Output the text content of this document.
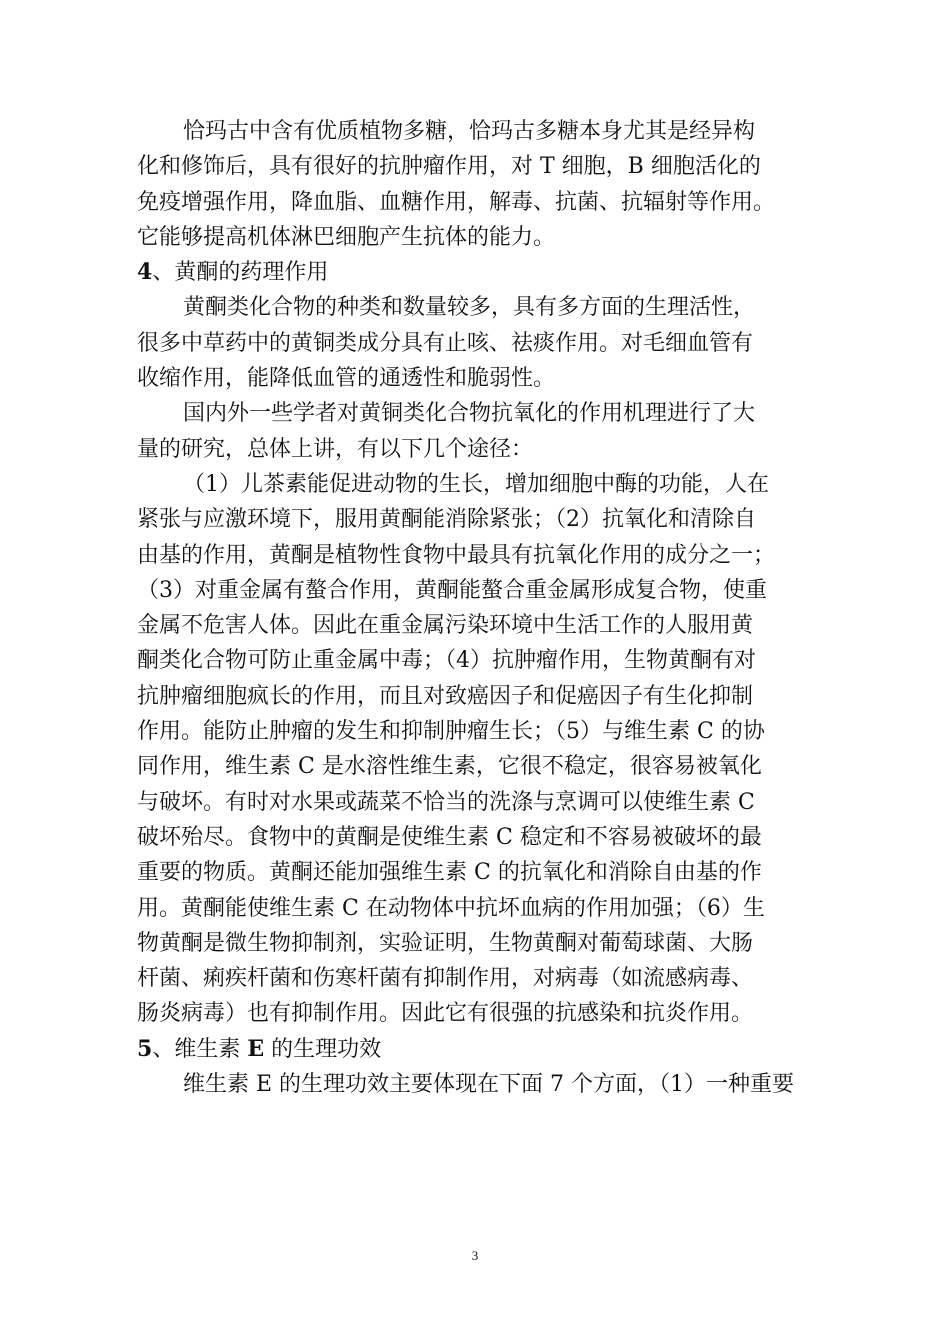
恰玛古中含有优质植物多糖，恰玛古多糖本身尤其是经异构
化和修饰后，具有很好的抗肿瘤作用，对 T 细胞，B 细胞活化的
免疫增强作用，降血脂、血糖作用，解毒、抗菌、抗辐射等作用。
它能够提高机体淋巴细胞产生抗体的能力。
4、黄酮的药理作用
黄酮类化合物的种类和数量较多，具有多方面的生理活性，
很多中草药中的黄铜类成分具有止咳、祛痰作用。对毛细血管有
收缩作用，能降低血管的通透性和脆弱性。
国内外一些学者对黄铜类化合物抗氧化的作用机理进行了大
量的研究，总体上讲，有以下几个途径：
（1）儿茶素能促进动物的生长，增加细胞中酶的功能，人在
紧张与应激环境下，服用黄酮能消除紧张；（2）抗氧化和清除自
由基的作用，黄酮是植物性食物中最具有抗氧化作用的成分之一；
（3）对重金属有螯合作用，黄酮能螯合重金属形成复合物，使重
金属不危害人体。因此在重金属污染环境中生活工作的人服用黄
酮类化合物可防止重金属中毒；（4）抗肿瘤作用，生物黄酮有对
抗肿瘤细胞疯长的作用，而且对致癌因子和促癌因子有生化抑制
作用。能防止肿瘤的发生和抑制肿瘤生长；（5）与维生素 C 的协
同作用，维生素 C 是水溶性维生素，它很不稳定，很容易被氧化
与破坏。有时对水果或蔬菜不恰当的洗涤与烹调可以使维生素 C
破坏殆尽。食物中的黄酮是使维生素 C 稳定和不容易被破坏的最
重要的物质。黄酮还能加强维生素 C 的抗氧化和消除自由基的作
用。黄酮能使维生素 C 在动物体中抗坏血病的作用加强；（6）生
物黄酮是微生物抑制剂，实验证明，生物黄酮对葡萄球菌、大肠
杆菌、痢疾杆菌和伤寒杆菌有抑制作用，对病毒（如流感病毒、
肠炎病毒）也有抑制作用。因此它有很强的抗感染和抗炎作用。
5、维生素 E 的生理功效
维生素 E 的生理功效主要体现在下面 7 个方面，（1）一种重要
3
